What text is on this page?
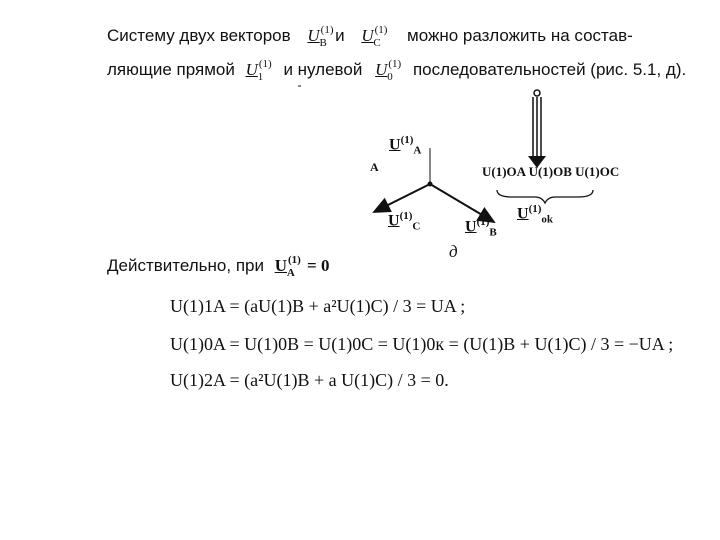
Систему двух векторов $U^{(1)}_B$ и $U^{(1)}_C$ можно разложить на состав-
ляющие прямой $U^{(1)}_1$ и нулевой $U^{(1)}_0$ последовательностей (рис. 5.1, д).
$U^{(1)}_A$
A
$U^{(1)}_C$	$U^{(1)}_B$
U(1)OA U(1)OB U(1)OC
$U^{(1)}_{ok}$
д
Действительно, при $U^{(1)}_A = 0$
U(1)1A = (aU(1)B + a²U(1)C) / 3 = UA ;
U(1)0A = U(1)0B = U(1)0C = U(1)0к = (U(1)B + U(1)C) / 3 = −UA ;
U(1)2A = (a²U(1)B + a U(1)C) / 3 = 0.
